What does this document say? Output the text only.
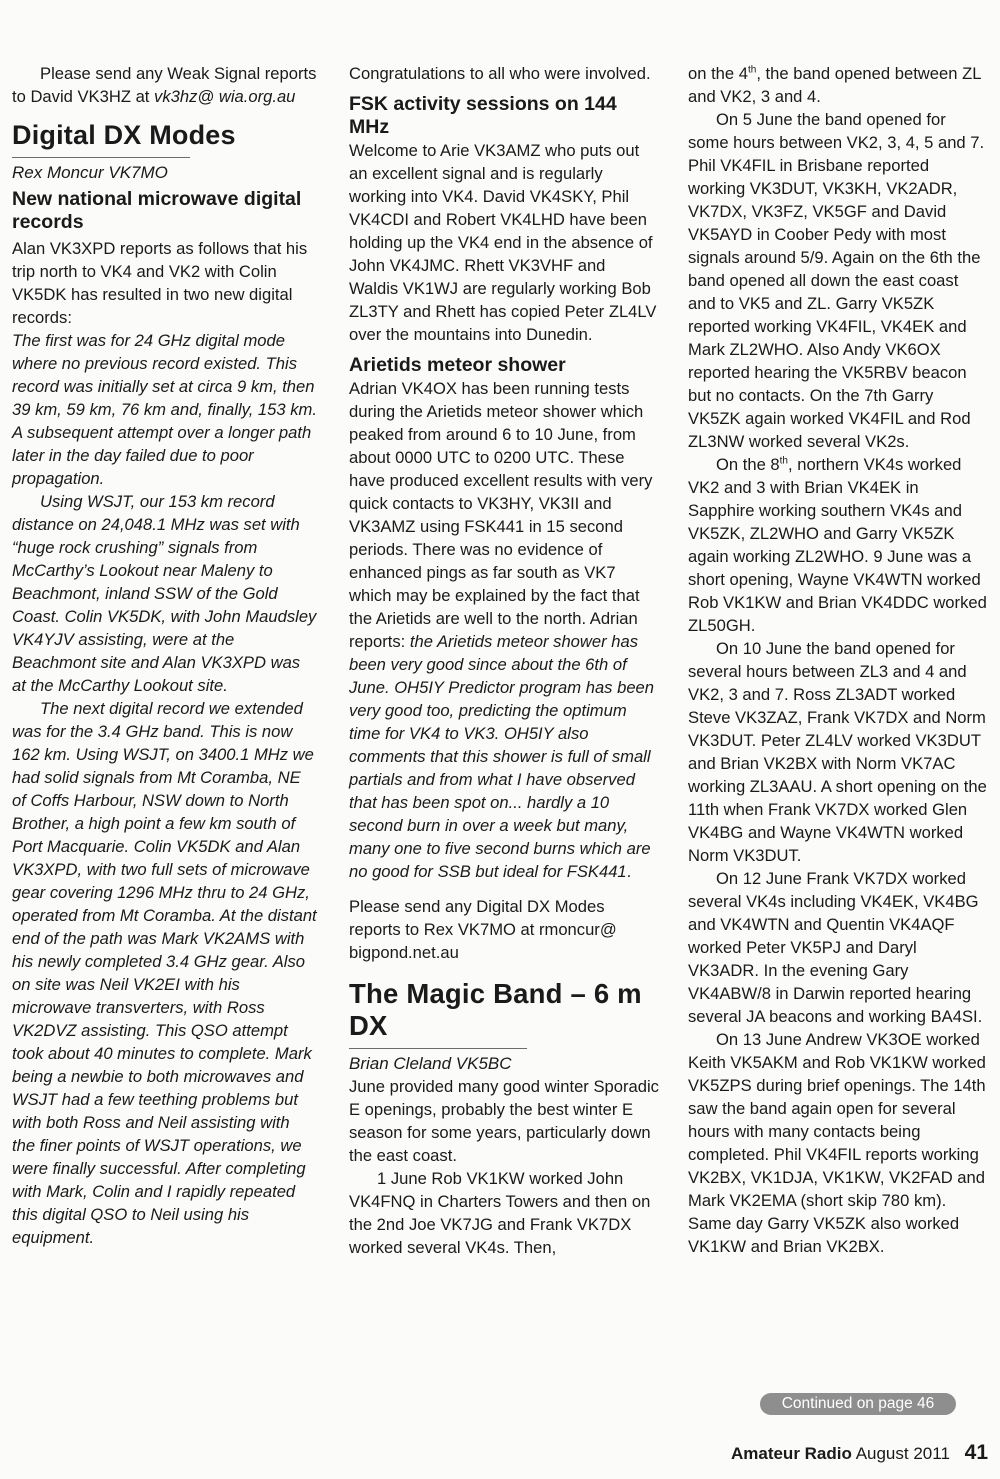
Please send any Weak Signal reports to David VK3HZ at vk3hz@ wia.org.au

Digital DX Modes

Rex Moncur VK7MO

New national microwave digital records

Alan VK3XPD reports as follows that his trip north to VK4 and VK2 with Colin VK5DK has resulted in two new digital records:

The first was for 24 GHz digital mode where no previous record existed. This record was initially set at circa 9 km, then 39 km, 59 km, 76 km and, finally, 153 km. A subsequent attempt over a longer path later in the day failed due to poor propagation.

Using WSJT, our 153 km record distance on 24,048.1 MHz was set with “huge rock crushing” signals from McCarthy’s Lookout near Maleny to Beachmont, inland SSW of the Gold Coast. Colin VK5DK, with John Maudsley VK4YJV assisting, were at the Beachmont site and Alan VK3XPD was at the McCarthy Lookout site.

The next digital record we extended was for the 3.4 GHz band. This is now 162 km. Using WSJT, on 3400.1 MHz we had solid signals from Mt Coramba, NE of Coffs Harbour, NSW down to North Brother, a high point a few km south of Port Macquarie. Colin VK5DK and Alan VK3XPD, with two full sets of microwave gear covering 1296 MHz thru to 24 GHz, operated from Mt Coramba. At the distant end of the path was Mark VK2AMS with his newly completed 3.4 GHz gear. Also on site was Neil VK2EI with his microwave transverters, with Ross VK2DVZ assisting. This QSO attempt took about 40 minutes to complete. Mark being a newbie to both microwaves and WSJT had a few teething problems but with both Ross and Neil assisting with the finer points of WSJT operations, we were finally successful. After completing with Mark, Colin and I rapidly repeated this digital QSO to Neil using his equipment.

Congratulations to all who were involved.

FSK activity sessions on 144 MHz

Welcome to Arie VK3AMZ who puts out an excellent signal and is regularly working into VK4. David VK4SKY, Phil VK4CDI and Robert VK4LHD have been holding up the VK4 end in the absence of John VK4JMC. Rhett VK3VHF and Waldis VK1WJ are regularly working Bob ZL3TY and Rhett has copied Peter ZL4LV over the mountains into Dunedin.

Arietids meteor shower

Adrian VK4OX has been running tests during the Arietids meteor shower which peaked from around 6 to 10 June, from about 0000 UTC to 0200 UTC. These have produced excellent results with very quick contacts to VK3HY, VK3II and VK3AMZ using FSK441 in 15 second periods. There was no evidence of enhanced pings as far south as VK7 which may be explained by the fact that the Arietids are well to the north. Adrian reports: the Arietids meteor shower has been very good since about the 6th of June. OH5IY Predictor program has been very good too, predicting the optimum time for VK4 to VK3. OH5IY also comments that this shower is full of small partials and from what I have observed that has been spot on... hardly a 10 second burn in over a week but many, many one to five second burns which are no good for SSB but ideal for FSK441.

Please send any Digital DX Modes reports to Rex VK7MO at rmoncur@ bigpond.net.au

The Magic Band – 6 m DX

Brian Cleland VK5BC

June provided many good winter Sporadic E openings, probably the best winter E season for some years, particularly down the east coast.

1 June Rob VK1KW worked John VK4FNQ in Charters Towers and then on the 2nd Joe VK7JG and Frank VK7DX worked several VK4s. Then,

on the 4th, the band opened between ZL and VK2, 3 and 4.

On 5 June the band opened for some hours between VK2, 3, 4, 5 and 7. Phil VK4FIL in Brisbane reported working VK3DUT, VK3KH, VK2ADR, VK7DX, VK3FZ, VK5GF and David VK5AYD in Coober Pedy with most signals around 5/9. Again on the 6th the band opened all down the east coast and to VK5 and ZL. Garry VK5ZK reported working VK4FIL, VK4EK and Mark ZL2WHO. Also Andy VK6OX reported hearing the VK5RBV beacon but no contacts. On the 7th Garry VK5ZK again worked VK4FIL and Rod ZL3NW worked several VK2s.

On the 8th, northern VK4s worked VK2 and 3 with Brian VK4EK in Sapphire working southern VK4s and VK5ZK, ZL2WHO and Garry VK5ZK again working ZL2WHO. 9 June was a short opening, Wayne VK4WTN worked Rob VK1KW and Brian VK4DDC worked ZL50GH.

On 10 June the band opened for several hours between ZL3 and 4 and VK2, 3 and 7. Ross ZL3ADT worked Steve VK3ZAZ, Frank VK7DX and Norm VK3DUT. Peter ZL4LV worked VK3DUT and Brian VK2BX with Norm VK7AC working ZL3AAU. A short opening on the 11th when Frank VK7DX worked Glen VK4BG and Wayne VK4WTN worked Norm VK3DUT.

On 12 June Frank VK7DX worked several VK4s including VK4EK, VK4BG and VK4WTN and Quentin VK4AQF worked Peter VK5PJ and Daryl VK3ADR. In the evening Gary VK4ABW/8 in Darwin reported hearing several JA beacons and working BA4SI.

On 13 June Andrew VK3OE worked Keith VK5AKM and Rob VK1KW worked VK5ZPS during brief openings. The 14th saw the band again open for several hours with many contacts being completed. Phil VK4FIL reports working VK2BX, VK1DJA, VK1KW, VK2FAD and Mark VK2EMA (short skip 780 km). Same day Garry VK5ZK also worked VK1KW and Brian VK2BX.

Continued on page 46
Amateur Radio August 2011 41
